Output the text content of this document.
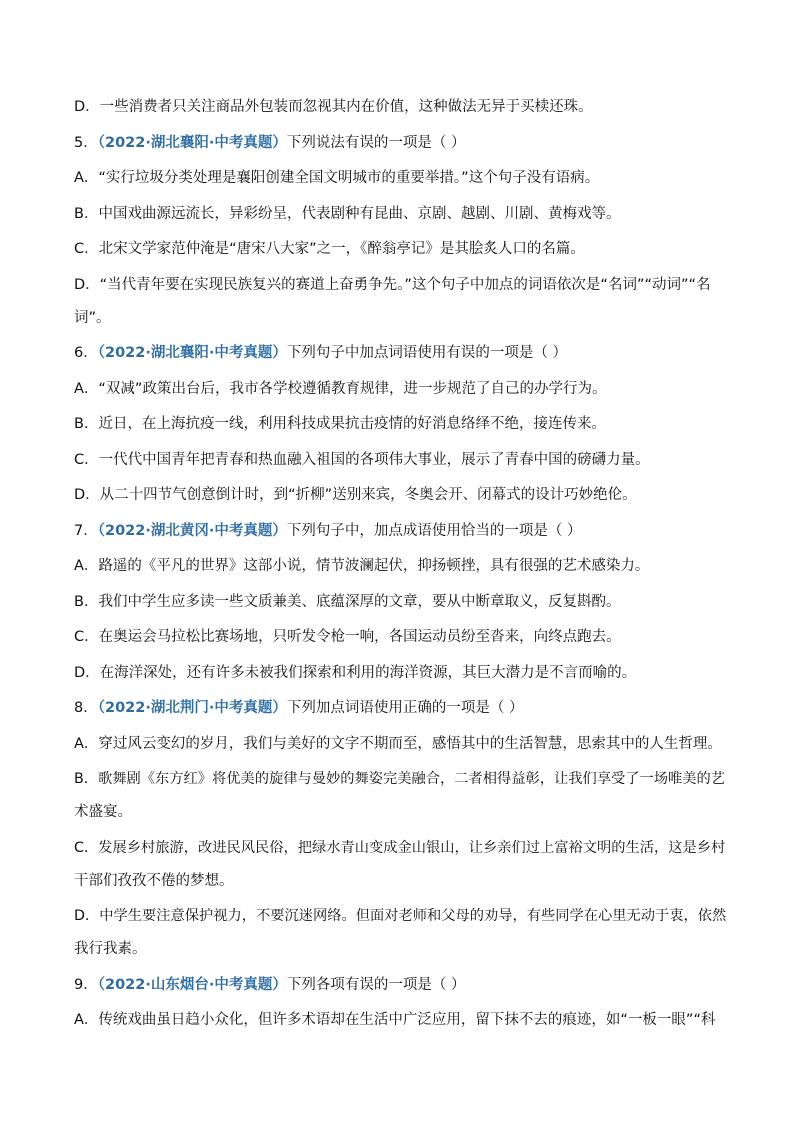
D．一些消费者只关注商品外包装而忽视其内在价值，这种做法无异于买椟还珠。

5．（2022·湖北襄阳·中考真题）下列说法有误的一项是（ ）

A．“实行垃圾分类处理是襄阳创建全国文明城市的重要举措。”这个句子没有语病。

B．中国戏曲源远流长，异彩纷呈，代表剧种有昆曲、京剧、越剧、川剧、黄梅戏等。

C．北宋文学家范仲淹是“唐宋八大家”之一，《醉翁亭记》是其脍炙人口的名篇。

D．“当代青年要在实现民族复兴的赛道上奋勇争先。”这个句子中加点的词语依次是“名词”“动词”“名

词”。

6．（2022·湖北襄阳·中考真题）下列句子中加点词语使用有误的一项是（ ）

A．“双减”政策出台后，我市各学校遵循教育规律，进一步规范了自己的办学行为。

B．近日，在上海抗疫一线，利用科技成果抗击疫情的好消息络绎不绝，接连传来。

C．一代代中国青年把青春和热血融入祖国的各项伟大事业，展示了青春中国的磅礴力量。

D．从二十四节气创意倒计时，到“折柳”送别来宾，冬奥会开、闭幕式的设计巧妙绝伦。

7．（2022·湖北黄冈·中考真题）下列句子中，加点成语使用恰当的一项是（ ）

A．路遥的《平凡的世界》这部小说，情节波澜起伏，抑扬顿挫，具有很强的艺术感染力。

B．我们中学生应多读一些文质兼美、底蕴深厚的文章，要从中断章取义，反复斟酌。

C．在奥运会马拉松比赛场地，只听发令枪一响，各国运动员纷至沓来，向终点跑去。

D．在海洋深处，还有许多未被我们探索和利用的海洋资源，其巨大潜力是不言而喻的。

8．（2022·湖北荆门·中考真题）下列加点词语使用正确的一项是（ ）

A．穿过风云变幻的岁月，我们与美好的文字不期而至，感悟其中的生活智慧，思索其中的人生哲理。

B．歌舞剧《东方红》将优美的旋律与曼妙的舞姿完美融合，二者相得益彰，让我们享受了一场唯美的艺

术盛宴。

C．发展乡村旅游，改进民风民俗，把绿水青山变成金山银山，让乡亲们过上富裕文明的生活，这是乡村

干部们孜孜不倦的梦想。

D．中学生要注意保护视力，不要沉迷网络。但面对老师和父母的劝导，有些同学在心里无动于衷，依然

我行我素。

9．（2022·山东烟台·中考真题）下列各项有误的一项是（ ）

A．传统戏曲虽日趋小众化，但许多术语却在生活中广泛应用，留下抹不去的痕迹，如“一板一眼”“科
